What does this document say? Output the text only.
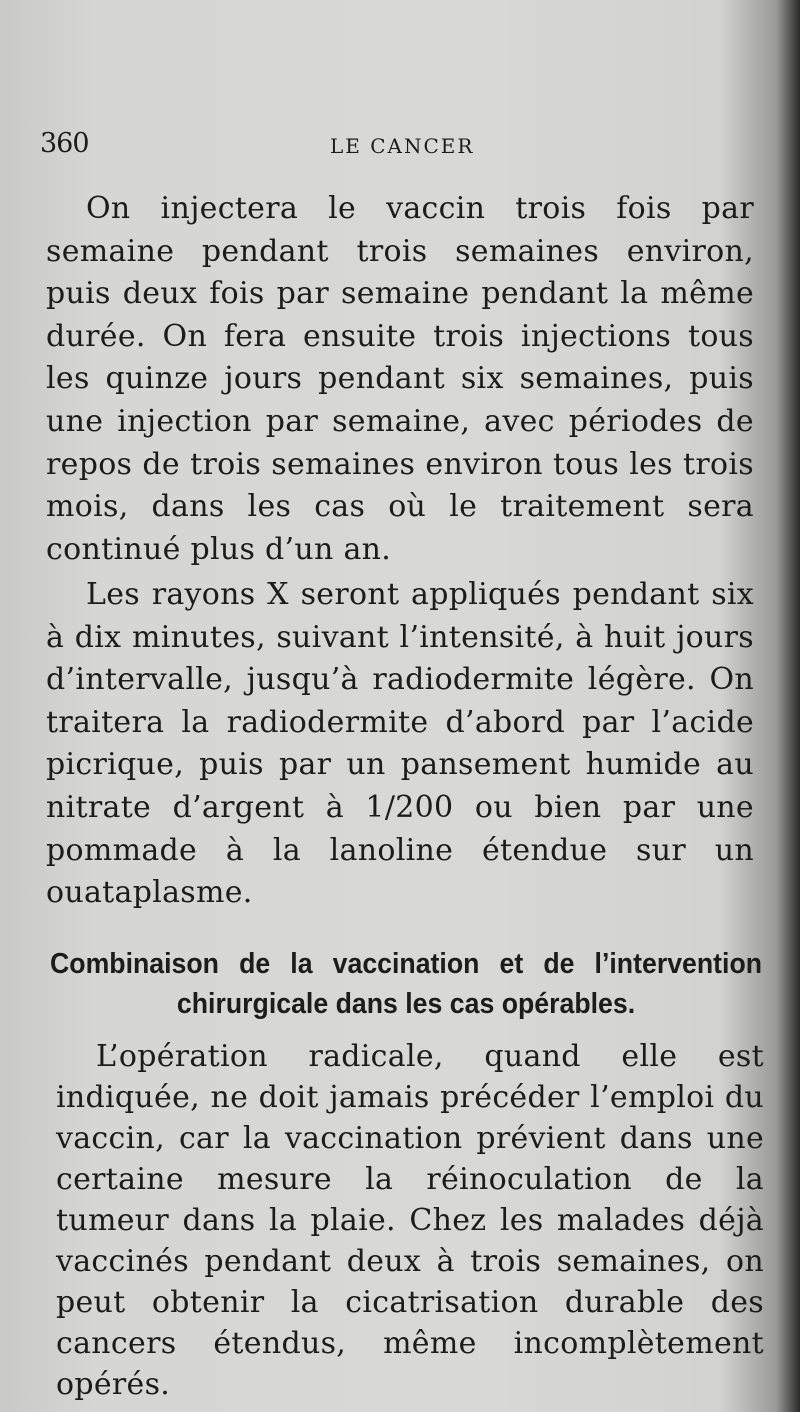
360	LE CANCER

On injectera le vaccin trois fois par semaine pendant trois semaines environ, puis deux fois par semaine pendant la même durée. On fera ensuite trois injections tous les quinze jours pendant six semaines, puis une injection par semaine, avec périodes de repos de trois semaines environ tous les trois mois, dans les cas où le traitement sera continué plus d’un an.

Les rayons X seront appliqués pendant six à dix minutes, suivant l’intensité, à huit jours d’intervalle, jusqu’à radiodermite légère. On traitera la radiodermite d’abord par l’acide picrique, puis par un pansement humide au nitrate d’argent à 1/200 ou bien par une pommade à la lanoline étendue sur un ouataplasme.

Combinaison de la vaccination et de l’intervention chirurgicale dans les cas opérables.

L’opération radicale, quand elle est indiquée, ne doit jamais précéder l’emploi du vaccin, car la vaccination prévient dans une certaine mesure la réinoculation de la tumeur dans la plaie. Chez les malades déjà vaccinés pendant deux à trois semaines, on peut obtenir la cicatrisation durable des cancers étendus, même incomplètement opérés.
